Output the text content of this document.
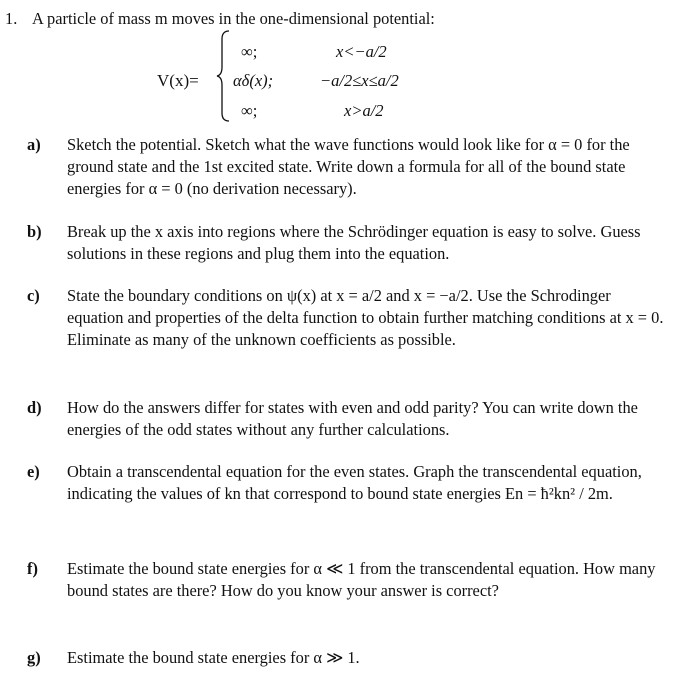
1. A particle of mass m moves in the one-dimensional potential:
V(x)=
∞;	x<−a/2
αδ(x);	−a/2≤x≤a/2
∞;	x>a/2
a) Sketch the potential. Sketch what the wave functions would look like for α = 0 for the ground state and the 1st excited state. Write down a formula for all of the bound state energies for α = 0 (no derivation necessary).
b) Break up the x axis into regions where the Schrödinger equation is easy to solve. Guess solutions in these regions and plug them into the equation.
c) State the boundary conditions on ψ(x) at x = a/2 and x = −a/2. Use the Schrodinger equation and properties of the delta function to obtain further matching conditions at x = 0. Eliminate as many of the unknown coefficients as possible.
d) How do the answers differ for states with even and odd parity? You can write down the energies of the odd states without any further calculations.
e) Obtain a transcendental equation for the even states. Graph the transcendental equation, indicating the values of kn that correspond to bound state energies En = ħ²kn² / 2m.
f) Estimate the bound state energies for α ≪ 1 from the transcendental equation. How many bound states are there? How do you know your answer is correct?
g) Estimate the bound state energies for α ≫ 1.
